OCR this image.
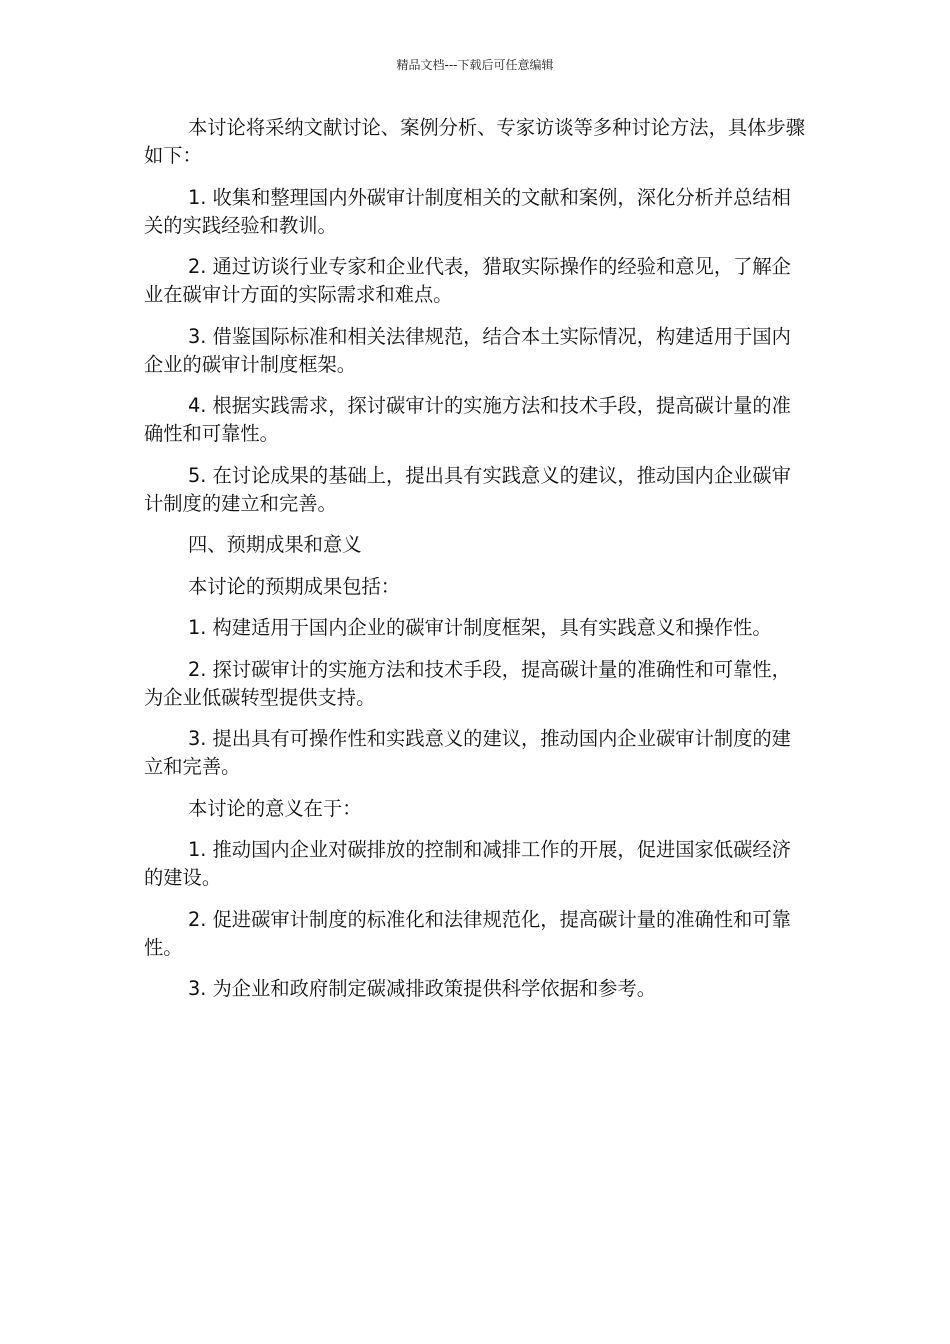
精品文档---下载后可任意编辑

本讨论将采纳文献讨论、案例分析、专家访谈等多种讨论方法，具体步骤如下：

1. 收集和整理国内外碳审计制度相关的文献和案例，深化分析并总结相关的实践经验和教训。

2. 通过访谈行业专家和企业代表，猎取实际操作的经验和意见，了解企业在碳审计方面的实际需求和难点。

3. 借鉴国际标准和相关法律规范，结合本土实际情况，构建适用于国内企业的碳审计制度框架。

4. 根据实践需求，探讨碳审计的实施方法和技术手段，提高碳计量的准确性和可靠性。

5. 在讨论成果的基础上，提出具有实践意义的建议，推动国内企业碳审计制度的建立和完善。

四、预期成果和意义

本讨论的预期成果包括：

1. 构建适用于国内企业的碳审计制度框架，具有实践意义和操作性。

2. 探讨碳审计的实施方法和技术手段，提高碳计量的准确性和可靠性，为企业低碳转型提供支持。

3. 提出具有可操作性和实践意义的建议，推动国内企业碳审计制度的建立和完善。

本讨论的意义在于：

1. 推动国内企业对碳排放的控制和减排工作的开展，促进国家低碳经济的建设。

2. 促进碳审计制度的标准化和法律规范化，提高碳计量的准确性和可靠性。

3. 为企业和政府制定碳减排政策提供科学依据和参考。
